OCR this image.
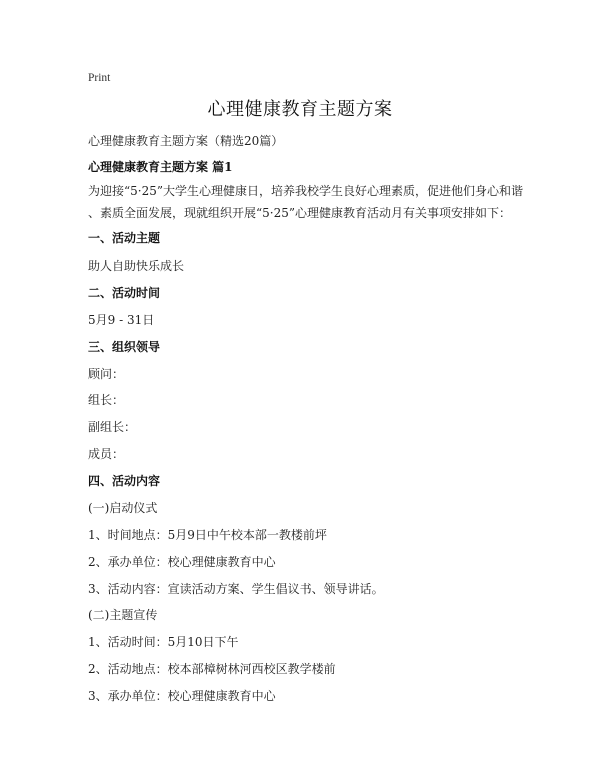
Print
心理健康教育主题方案
心理健康教育主题方案（精选20篇）
心理健康教育主题方案 篇1
为迎接“5·25”大学生心理健康日，培养我校学生良好心理素质，促进他们身心和谐
、素质全面发展，现就组织开展“5·25”心理健康教育活动月有关事项安排如下：
一、活动主题
助人自助快乐成长
二、活动时间
5月9 - 31日
三、组织领导
顾问：
组长：
副组长：
成员：
四、活动内容
(一)启动仪式
1、时间地点：5月9日中午校本部一教楼前坪
2、承办单位：校心理健康教育中心
3、活动内容：宣读活动方案、学生倡议书、领导讲话。
(二)主题宣传
1、活动时间：5月10日下午
2、活动地点：校本部樟树林河西校区教学楼前
3、承办单位：校心理健康教育中心
